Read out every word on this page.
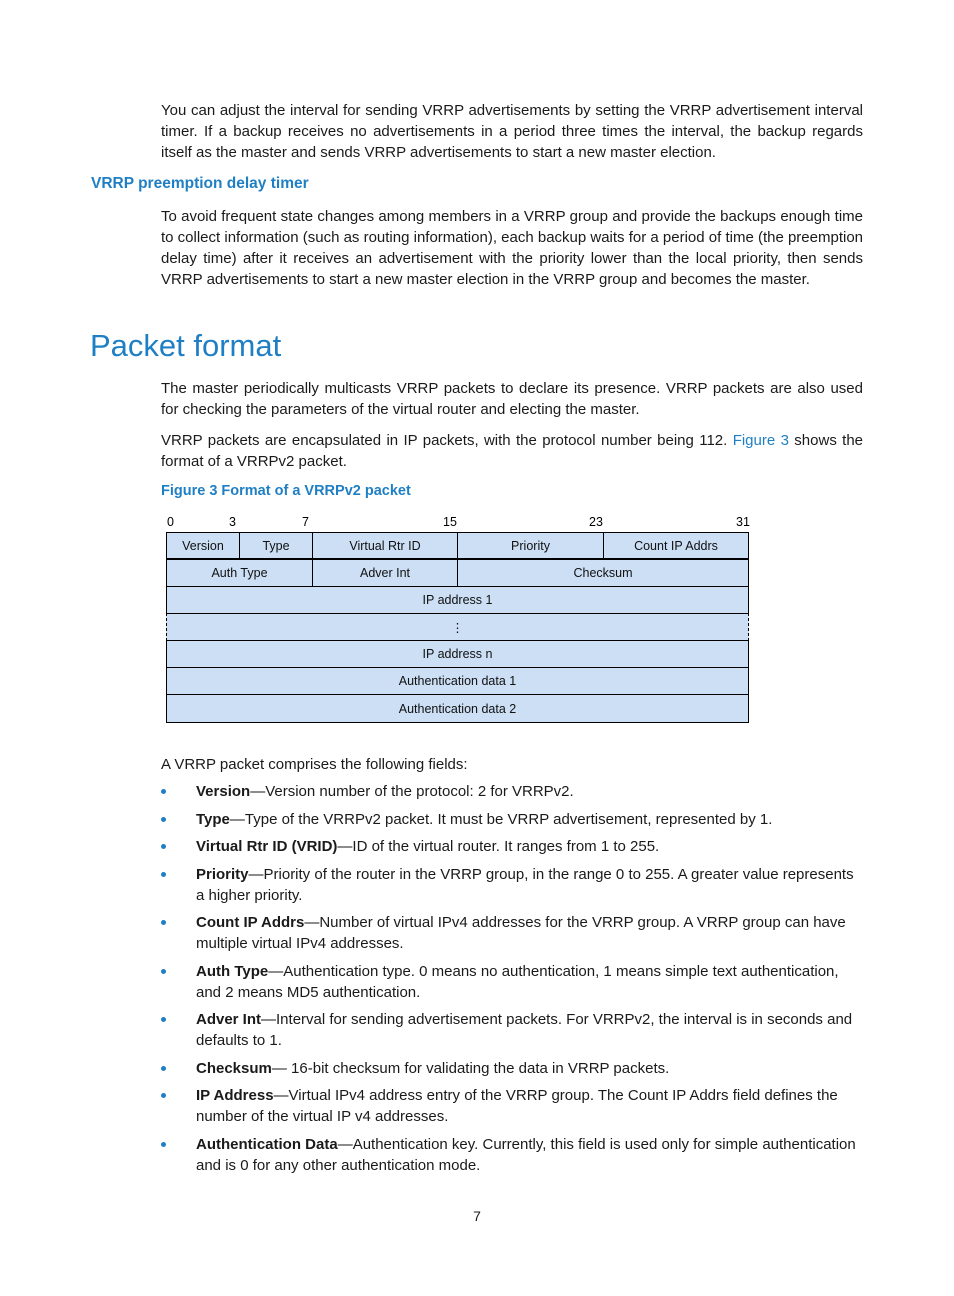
You can adjust the interval for sending VRRP advertisements by setting the VRRP advertisement interval timer. If a backup receives no advertisements in a period three times the interval, the backup regards itself as the master and sends VRRP advertisements to start a new master election.

VRRP preemption delay timer

To avoid frequent state changes among members in a VRRP group and provide the backups enough time to collect information (such as routing information), each backup waits for a period of time (the preemption delay time) after it receives an advertisement with the priority lower than the local priority, then sends VRRP advertisements to start a new master election in the VRRP group and becomes the master.

Packet format

The master periodically multicasts VRRP packets to declare its presence. VRRP packets are also used for checking the parameters of the virtual router and electing the master.

VRRP packets are encapsulated in IP packets, with the protocol number being 112. Figure 3 shows the format of a VRRPv2 packet.

Figure 3 Format of a VRRPv2 packet

0	3	7	15	23	31
Version	Type	Virtual Rtr ID	Priority	Count IP Addrs
Auth Type	Adver Int	Checksum
IP address 1
⋮
IP address n
Authentication data 1
Authentication data 2

A VRRP packet comprises the following fields:

Version—Version number of the protocol: 2 for VRRPv2.
Type—Type of the VRRPv2 packet. It must be VRRP advertisement, represented by 1.
Virtual Rtr ID (VRID)—ID of the virtual router. It ranges from 1 to 255.
Priority—Priority of the router in the VRRP group, in the range 0 to 255. A greater value represents a higher priority.
Count IP Addrs—Number of virtual IPv4 addresses for the VRRP group. A VRRP group can have multiple virtual IPv4 addresses.
Auth Type—Authentication type. 0 means no authentication, 1 means simple text authentication, and 2 means MD5 authentication.
Adver Int—Interval for sending advertisement packets. For VRRPv2, the interval is in seconds and defaults to 1.
Checksum— 16-bit checksum for validating the data in VRRP packets.
IP Address—Virtual IPv4 address entry of the VRRP group. The Count IP Addrs field defines the number of the virtual IP v4 addresses.
Authentication Data—Authentication key. Currently, this field is used only for simple authentication and is 0 for any other authentication mode.
7
